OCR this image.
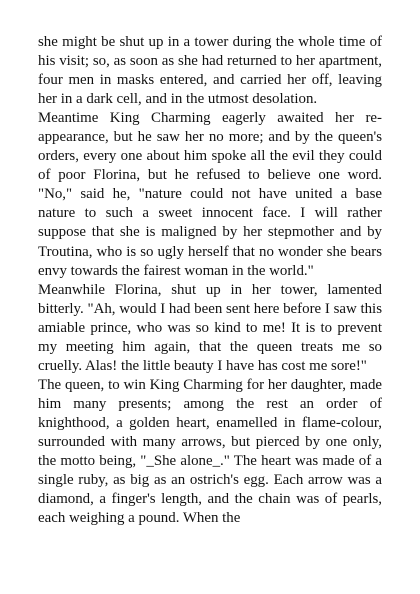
she might be shut up in a tower during the whole time of his visit; so, as soon as she had returned to her apartment, four men in masks entered, and carried her off, leaving her in a dark cell, and in the utmost desolation.

Meantime King Charming eagerly awaited her re-appearance, but he saw her no more; and by the queen's orders, every one about him spoke all the evil they could of poor Florina, but he refused to believe one word. "No," said he, "nature could not have united a base nature to such a sweet innocent face. I will rather suppose that she is maligned by her stepmother and by Troutina, who is so ugly herself that no wonder she bears envy towards the fairest woman in the world."

Meanwhile Florina, shut up in her tower, lamented bitterly. "Ah, would I had been sent here before I saw this amiable prince, who was so kind to me! It is to prevent my meeting him again, that the queen treats me so cruelly. Alas! the little beauty I have has cost me sore!"

The queen, to win King Charming for her daughter, made him many presents; among the rest an order of knighthood, a golden heart, enamelled in flame-colour, surrounded with many arrows, but pierced by one only, the motto being, "_She alone_." The heart was made of a single ruby, as big as an ostrich's egg. Each arrow was a diamond, a finger's length, and the chain was of pearls, each weighing a pound. When the
